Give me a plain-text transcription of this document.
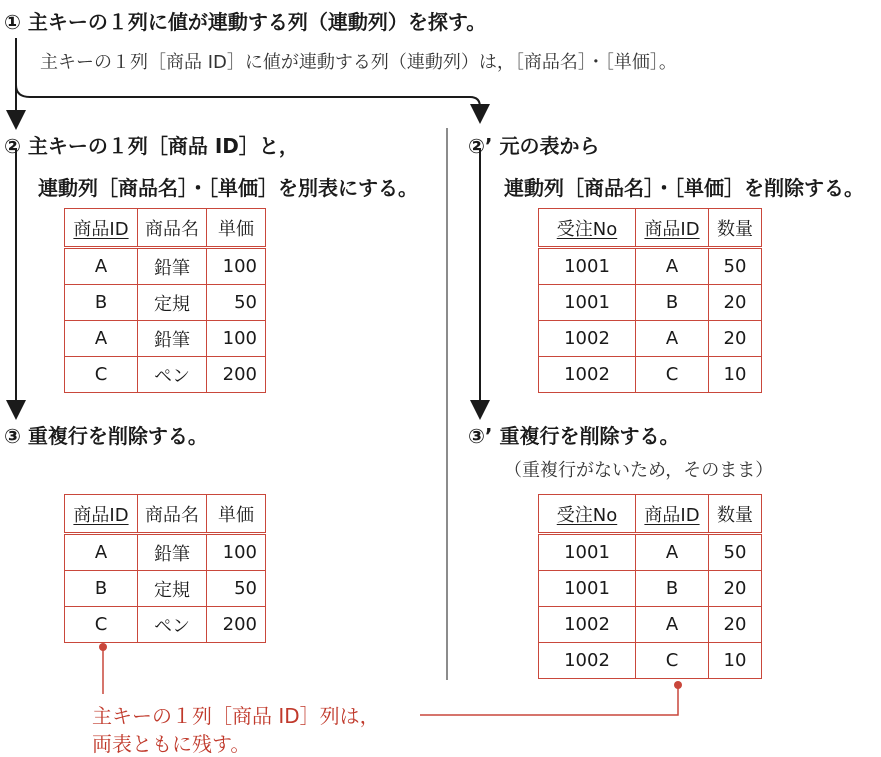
① 主キーの１列に値が連動する列（連動列）を探す。
主キーの１列［商品 ID］に値が連動する列（連動列）は，［商品名］・［単価］。
② 主キーの１列［商品 ID］と，
連動列［商品名］・［単価］を別表にする。
②’ 元の表から
連動列［商品名］・［単価］を削除する。
商品ID	商品名	単価
A	鉛筆	100
B	定規	50
A	鉛筆	100
C	ペン	200
受注No	商品ID	数量
1001	A	50
1001	B	20
1002	A	20
1002	C	10
③ 重複行を削除する。	③’ 重複行を削除する。
（重複行がないため，そのまま）
商品ID	商品名	単価
A	鉛筆	100
B	定規	50
C	ペン	200
受注No	商品ID	数量
1001	A	50
1001	B	20
1002	A	20
1002	C	10
主キーの１列［商品 ID］列は，
両表ともに残す。
